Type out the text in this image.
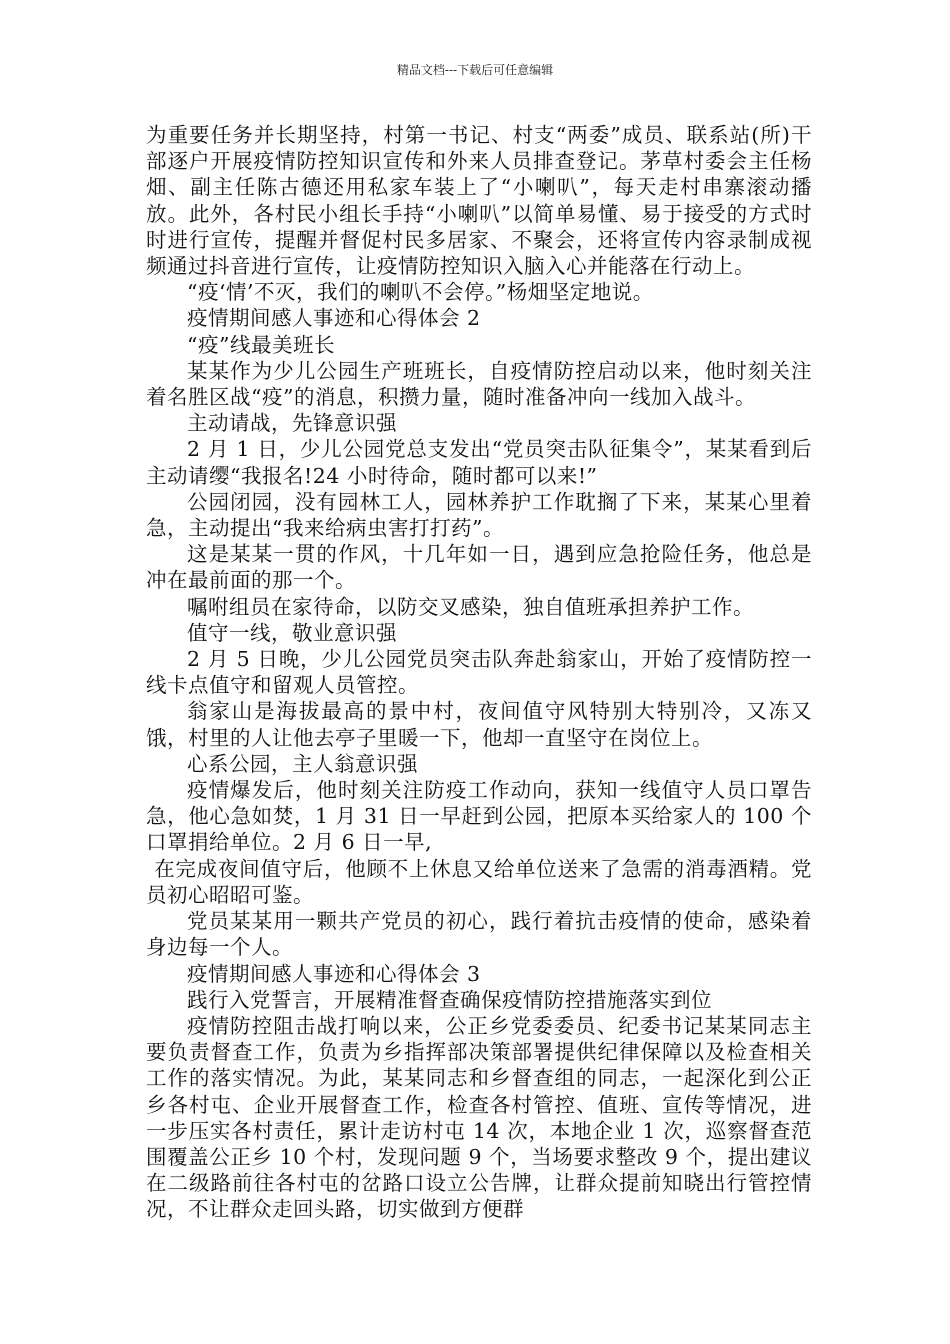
精品文档---下载后可任意编辑

为重要任务并长期坚持，村第一书记、村支“两委”成员、联系站(所)干部逐户开展疫情防控知识宣传和外来人员排查登记。茅草村委会主任杨畑、副主任陈古德还用私家车装上了“小喇叭”，每天走村串寨滚动播放。此外，各村民小组长手持“小喇叭”以简单易懂、易于接受的方式时时进行宣传，提醒并督促村民多居家、不聚会，还将宣传内容录制成视频通过抖音进行宣传，让疫情防控知识入脑入心并能落在行动上。

“疫‘情’不灭，我们的喇叭不会停。”杨畑坚定地说。

疫情期间感人事迹和心得体会 2

“疫”线最美班长

某某作为少儿公园生产班班长，自疫情防控启动以来，他时刻关注着名胜区战“疫”的消息，积攒力量，随时准备冲向一线加入战斗。

主动请战，先锋意识强

2 月 1 日，少儿公园党总支发出“党员突击队征集令”，某某看到后主动请缨“我报名!24 小时待命，随时都可以来!”

公园闭园，没有园林工人，园林养护工作耽搁了下来，某某心里着急，主动提出“我来给病虫害打打药”。

这是某某一贯的作风，十几年如一日，遇到应急抢险任务，他总是冲在最前面的那一个。

嘱咐组员在家待命，以防交叉感染，独自值班承担养护工作。

值守一线，敬业意识强

2 月 5 日晚，少儿公园党员突击队奔赴翁家山，开始了疫情防控一线卡点值守和留观人员管控。

翁家山是海拔最高的景中村，夜间值守风特别大特别冷，又冻又饿，村里的人让他去亭子里暖一下，他却一直坚守在岗位上。

心系公园，主人翁意识强

疫情爆发后，他时刻关注防疫工作动向，获知一线值守人员口罩告急，他心急如焚，1 月 31 日一早赶到公园，把原本买给家人的 100 个口罩捐给单位。2 月 6 日一早,

在完成夜间值守后，他顾不上休息又给单位送来了急需的消毒酒精。党员初心昭昭可鉴。

党员某某用一颗共产党员的初心，践行着抗击疫情的使命，感染着身边每一个人。

疫情期间感人事迹和心得体会 3

践行入党誓言，开展精准督查确保疫情防控措施落实到位

疫情防控阻击战打响以来，公正乡党委委员、纪委书记某某同志主要负责督查工作，负责为乡指挥部决策部署提供纪律保障以及检查相关工作的落实情况。为此，某某同志和乡督查组的同志，一起深化到公正乡各村屯、企业开展督查工作，检查各村管控、值班、宣传等情况，进一步压实各村责任，累计走访村屯 14 次，本地企业 1 次，巡察督查范围覆盖公正乡 10 个村，发现问题 9 个，当场要求整改 9 个，提出建议在二级路前往各村屯的岔路口设立公告牌，让群众提前知晓出行管控情况，不让群众走回头路，切实做到方便群
